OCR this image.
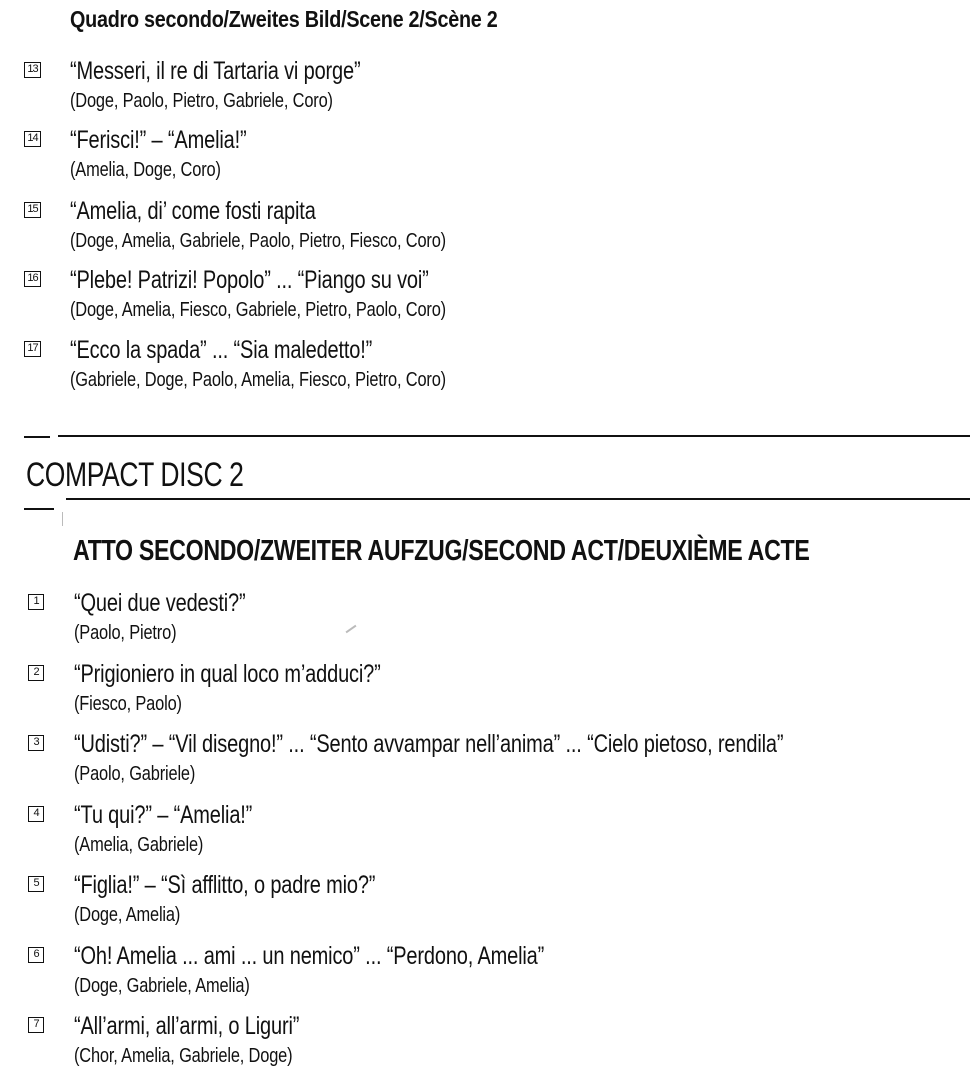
Quadro secondo/Zweites Bild/Scene 2/Scène 2
13 “Messeri, il re di Tartaria vi porge”
(Doge, Paolo, Pietro, Gabriele, Coro)
14 “Ferisci!” – “Amelia!”
(Amelia, Doge, Coro)
15 “Amelia, di’ come fosti rapita
(Doge, Amelia, Gabriele, Paolo, Pietro, Fiesco, Coro)
16 “Plebe! Patrizi! Popolo” ... “Piango su voi”
(Doge, Amelia, Fiesco, Gabriele, Pietro, Paolo, Coro)
17 “Ecco la spada” ... “Sia maledetto!”
(Gabriele, Doge, Paolo, Amelia, Fiesco, Pietro, Coro)
COMPACT DISC 2
ATTO SECONDO/ZWEITER AUFZUG/SECOND ACT/DEUXIÈME ACTE
1 “Quei due vedesti?”
(Paolo, Pietro)
2 “Prigioniero in qual loco m’adduci?”
(Fiesco, Paolo)
3 “Udisti?” – “Vil disegno!” ... “Sento avvampar nell’anima” ... “Cielo pietoso, rendila”
(Paolo, Gabriele)
4 “Tu qui?” – “Amelia!”
(Amelia, Gabriele)
5 “Figlia!” – “Sì afflitto, o padre mio?”
(Doge, Amelia)
6 “Oh! Amelia ... ami ... un nemico” ... “Perdono, Amelia”
(Doge, Gabriele, Amelia)
7 “All’armi, all’armi, o Liguri”
(Chor, Amelia, Gabriele, Doge)
